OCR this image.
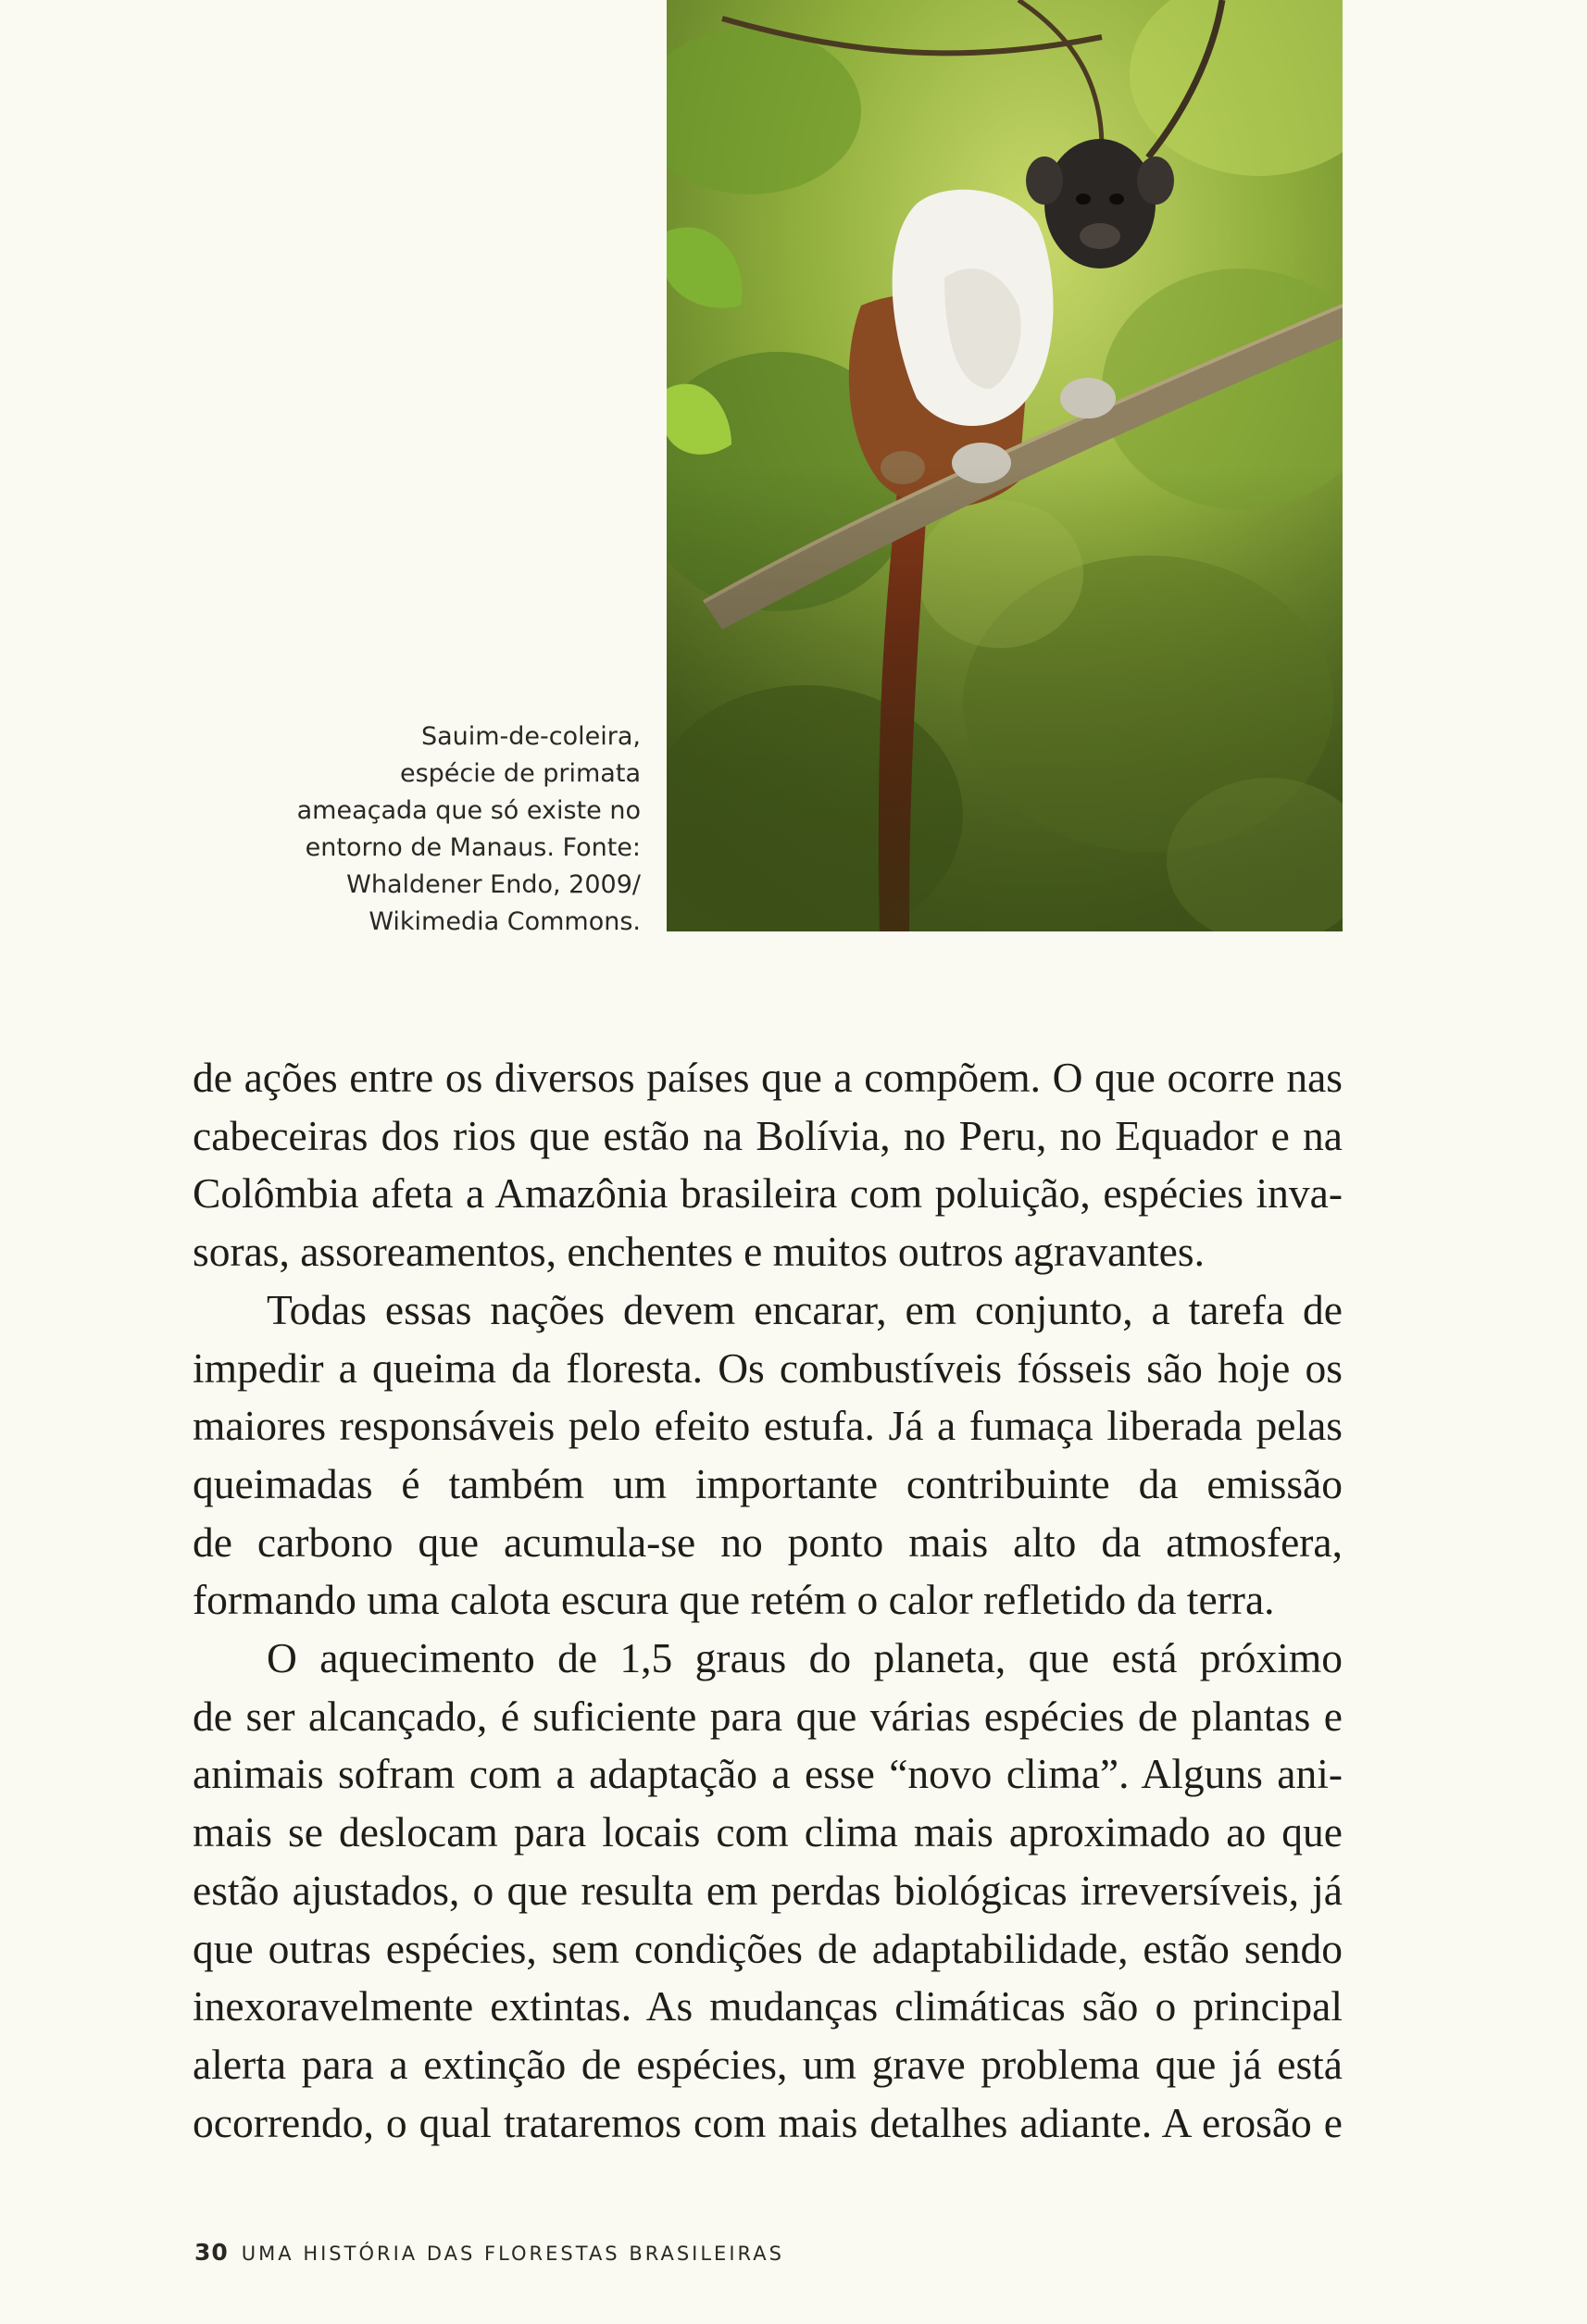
Sauim-de-coleira,
espécie de primata
ameaçada que só existe no
entorno de Manaus. Fonte:
Whaldener Endo, 2009/
Wikimedia Commons.
de ações entre os diversos países que a compõem. O que ocorre nas
cabeceiras dos rios que estão na Bolívia, no Peru, no Equador e na
Colômbia afeta a Amazônia brasileira com poluição, espécies inva-
soras, assoreamentos, enchentes e muitos outros agravantes.
Todas essas nações devem encarar, em conjunto, a tarefa de
impedir a queima da floresta. Os combustíveis fósseis são hoje os
maiores responsáveis pelo efeito estufa. Já a fumaça liberada pelas
queimadas é também um importante contribuinte da emissão
de carbono que acumula-se no ponto mais alto da atmosfera,
formando uma calota escura que retém o calor refletido da terra.
O aquecimento de 1,5 graus do planeta, que está próximo
de ser alcançado, é suficiente para que várias espécies de plantas e
animais sofram com a adaptação a esse “novo clima”. Alguns ani-
mais se deslocam para locais com clima mais aproximado ao que
estão ajustados, o que resulta em perdas biológicas irreversíveis, já
que outras espécies, sem condições de adaptabilidade, estão sendo
inexoravelmente extintas. As mudanças climáticas são o principal
alerta para a extinção de espécies, um grave problema que já está
ocorrendo, o qual trataremos com mais detalhes adiante. A erosão e
30 UMA HISTÓRIA DAS FLORESTAS BRASILEIRAS
